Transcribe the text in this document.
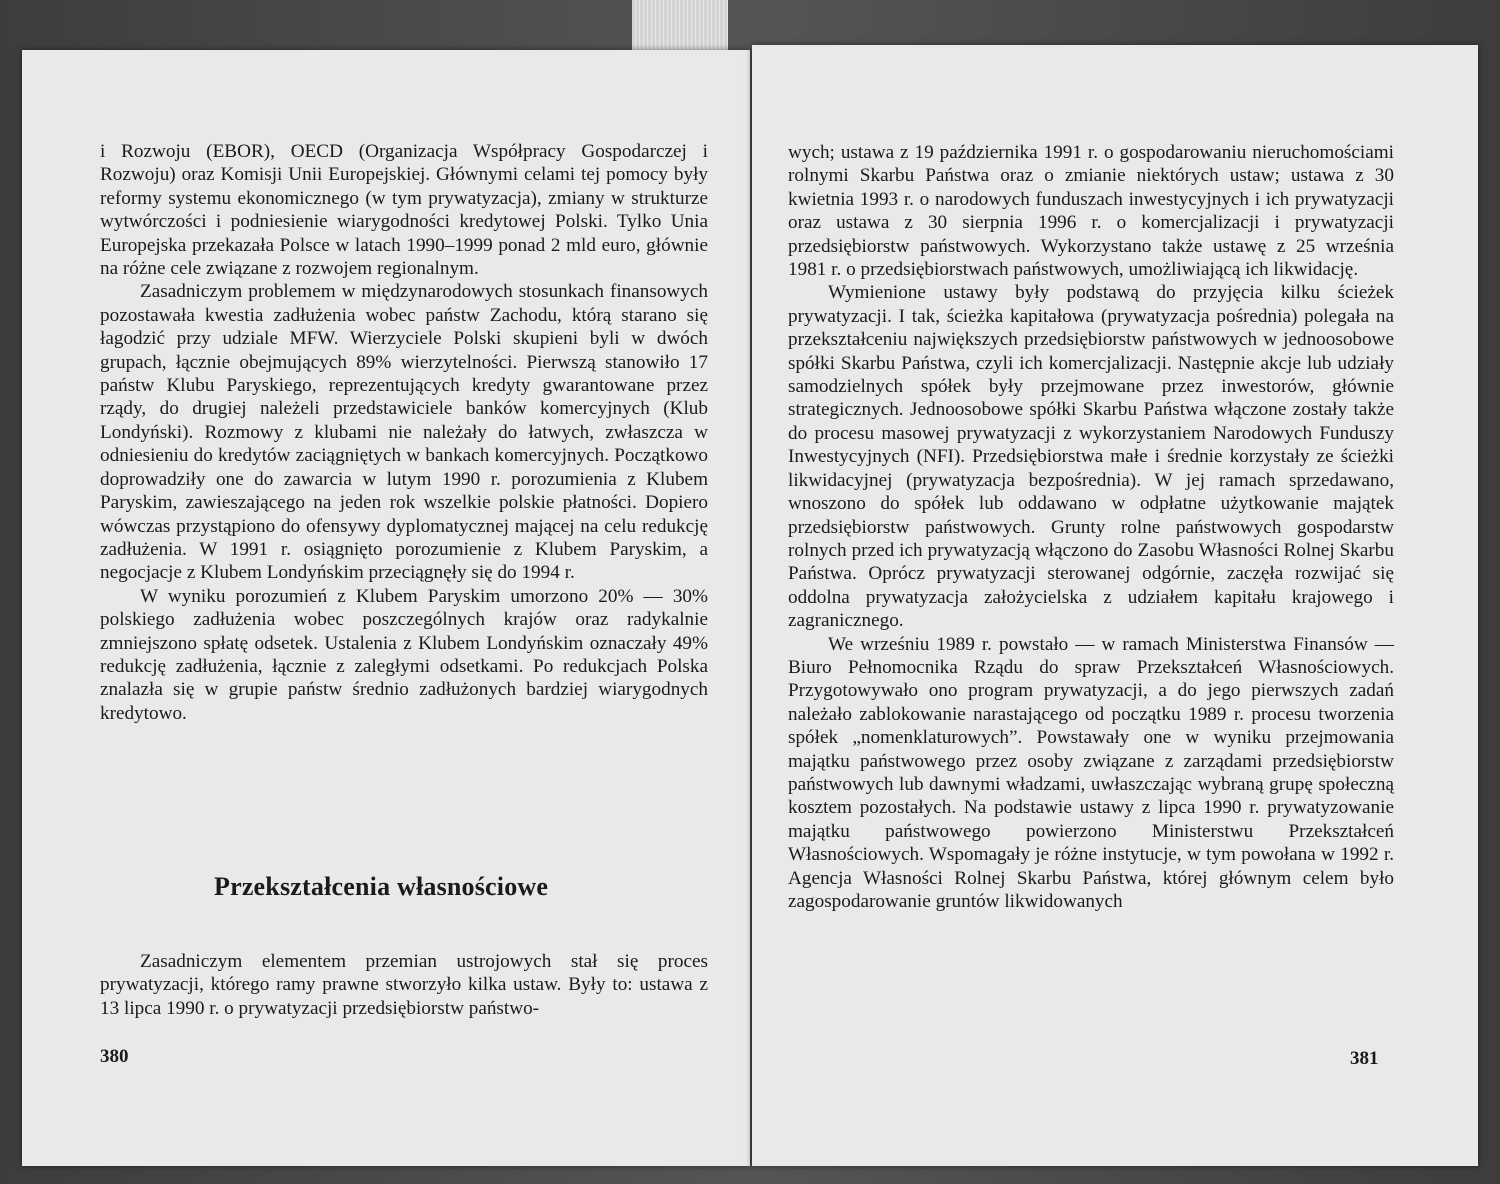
i Rozwoju (EBOR), OECD (Organizacja Współpracy Gospodarczej i Rozwoju) oraz Komisji Unii Europejskiej. Głównymi celami tej pomocy były reformy systemu ekonomicznego (w tym prywatyzacja), zmiany w strukturze wytwórczości i podniesienie wiarygodności kredytowej Polski. Tylko Unia Europejska przekazała Polsce w latach 1990–1999 ponad 2 mld euro, głównie na różne cele związane z rozwojem regionalnym.

Zasadniczym problemem w międzynarodowych stosunkach finansowych pozostawała kwestia zadłużenia wobec państw Zachodu, którą starano się łagodzić przy udziale MFW. Wierzyciele Polski skupieni byli w dwóch grupach, łącznie obejmujących 89% wierzytelności. Pierwszą stanowiło 17 państw Klubu Paryskiego, reprezentujących kredyty gwarantowane przez rządy, do drugiej należeli przedstawiciele banków komercyjnych (Klub Londyński). Rozmowy z klubami nie należały do łatwych, zwłaszcza w odniesieniu do kredytów zaciągniętych w bankach komercyjnych. Początkowo doprowadziły one do zawarcia w lutym 1990 r. porozumienia z Klubem Paryskim, zawieszającego na jeden rok wszelkie polskie płatności. Dopiero wówczas przystąpiono do ofensywy dyplomatycznej mającej na celu redukcję zadłużenia. W 1991 r. osiągnięto porozumienie z Klubem Paryskim, a negocjacje z Klubem Londyńskim przeciągnęły się do 1994 r.

W wyniku porozumień z Klubem Paryskim umorzono 20% — 30% polskiego zadłużenia wobec poszczególnych krajów oraz radykalnie zmniejszono spłatę odsetek. Ustalenia z Klubem Londyńskim oznaczały 49% redukcję zadłużenia, łącznie z zaległymi odsetkami. Po redukcjach Polska znalazła się w grupie państw średnio zadłużonych bardziej wiarygodnych kredytowo.

Przekształcenia własnościowe

Zasadniczym elementem przemian ustrojowych stał się proces prywatyzacji, którego ramy prawne stworzyło kilka ustaw. Były to: ustawa z 13 lipca 1990 r. o prywatyzacji przedsiębiorstw państwo-

380

wych; ustawa z 19 października 1991 r. o gospodarowaniu nieruchomościami rolnymi Skarbu Państwa oraz o zmianie niektórych ustaw; ustawa z 30 kwietnia 1993 r. o narodowych funduszach inwestycyjnych i ich prywatyzacji oraz ustawa z 30 sierpnia 1996 r. o komercjalizacji i prywatyzacji przedsiębiorstw państwowych. Wykorzystano także ustawę z 25 września 1981 r. o przedsiębiorstwach państwowych, umożliwiającą ich likwidację.

Wymienione ustawy były podstawą do przyjęcia kilku ścieżek prywatyzacji. I tak, ścieżka kapitałowa (prywatyzacja pośrednia) polegała na przekształceniu największych przedsiębiorstw państwowych w jednoosobowe spółki Skarbu Państwa, czyli ich komercjalizacji. Następnie akcje lub udziały samodzielnych spółek były przejmowane przez inwestorów, głównie strategicznych. Jednoosobowe spółki Skarbu Państwa włączone zostały także do procesu masowej prywatyzacji z wykorzystaniem Narodowych Funduszy Inwestycyjnych (NFI). Przedsiębiorstwa małe i średnie korzystały ze ścieżki likwidacyjnej (prywatyzacja bezpośrednia). W jej ramach sprzedawano, wnoszono do spółek lub oddawano w odpłatne użytkowanie majątek przedsiębiorstw państwowych. Grunty rolne państwowych gospodarstw rolnych przed ich prywatyzacją włączono do Zasobu Własności Rolnej Skarbu Państwa. Oprócz prywatyzacji sterowanej odgórnie, zaczęła rozwijać się oddolna prywatyzacja założycielska z udziałem kapitału krajowego i zagranicznego.

We wrześniu 1989 r. powstało — w ramach Ministerstwa Finansów — Biuro Pełnomocnika Rządu do spraw Przekształceń Własnościowych. Przygotowywało ono program prywatyzacji, a do jego pierwszych zadań należało zablokowanie narastającego od początku 1989 r. procesu tworzenia spółek „nomenklaturowych”. Powstawały one w wyniku przejmowania majątku państwowego przez osoby związane z zarządami przedsiębiorstw państwowych lub dawnymi władzami, uwłaszczając wybraną grupę społeczną kosztem pozostałych. Na podstawie ustawy z lipca 1990 r. prywatyzowanie majątku państwowego powierzono Ministerstwu Przekształceń Własnościowych. Wspomagały je różne instytucje, w tym powołana w 1992 r. Agencja Własności Rolnej Skarbu Państwa, której głównym celem było zagospodarowanie gruntów likwidowanych

381
